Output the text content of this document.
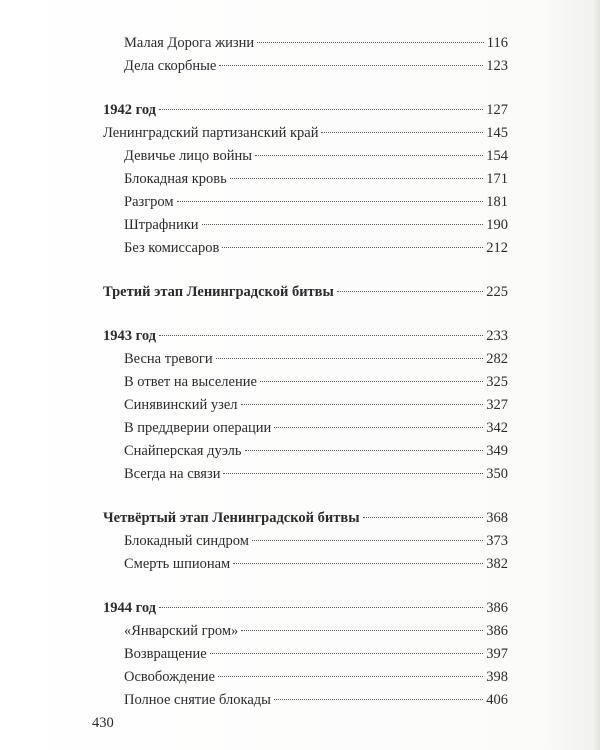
Малая Дорога жизни	116
Дела скорбные	123
1942 год	127
Ленинградский партизанский край	145
Девичье лицо войны	154
Блокадная кровь	171
Разгром	181
Штрафники	190
Без комиссаров	212
Третий этап Ленинградской битвы	225
1943 год	233
Весна тревоги	282
В ответ на выселение	325
Синявинский узел	327
В преддверии операции	342
Снайперская дуэль	349
Всегда на связи	350
Четвёртый этап Ленинградской битвы	368
Блокадный синдром	373
Смерть шпионам	382
1944 год	386
«Январский гром»	386
Возвращение	397
Освобождение	398
Полное снятие блокады	406
430
